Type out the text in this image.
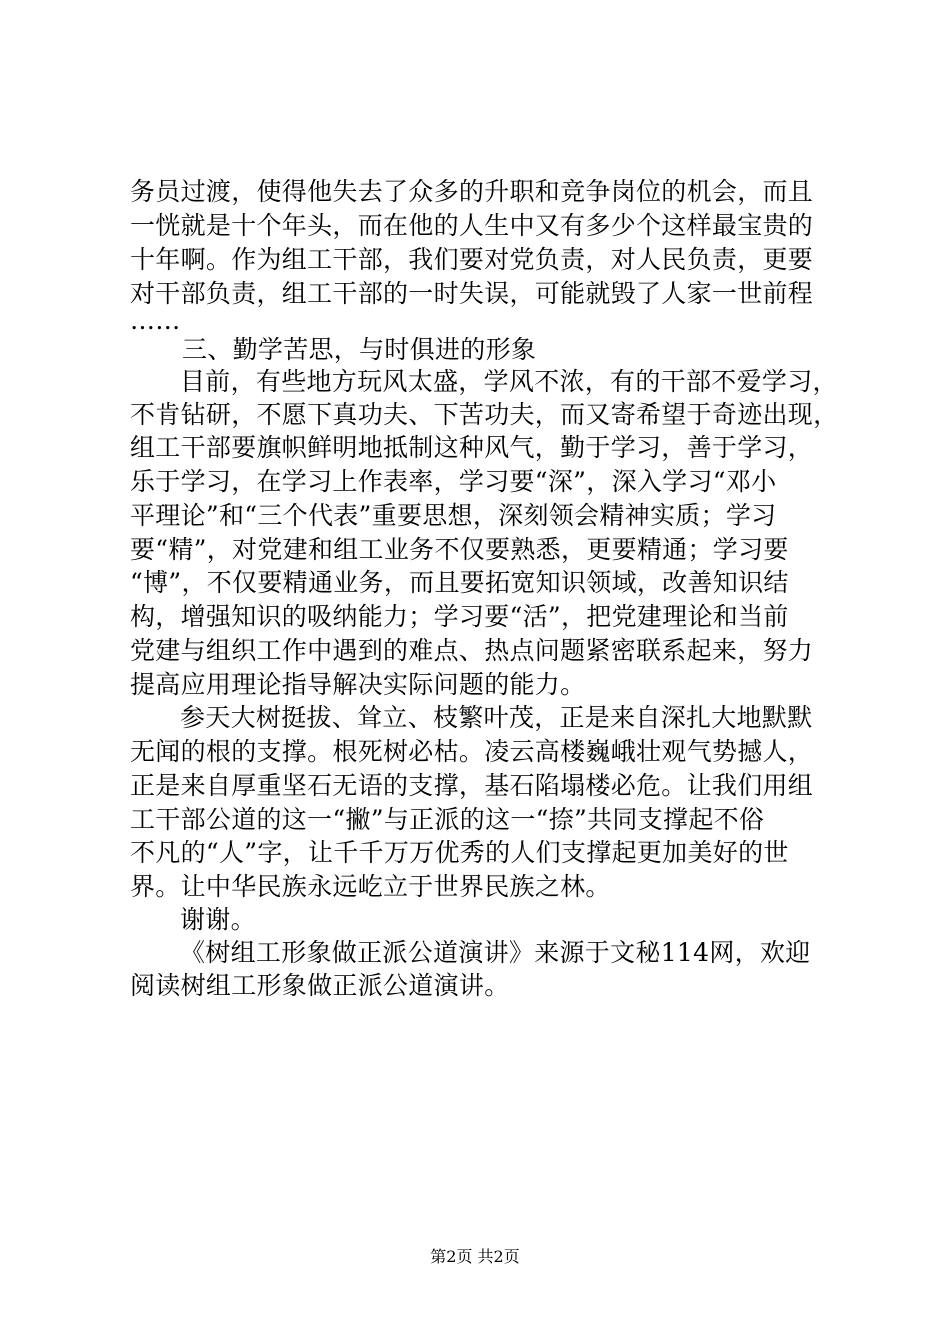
务员过渡，使得他失去了众多的升职和竞争岗位的机会，而且
一恍就是十个年头，而在他的人生中又有多少个这样最宝贵的
十年啊。作为组工干部，我们要对党负责，对人民负责，更要
对干部负责，组工干部的一时失误，可能就毁了人家一世前程
……
三、勤学苦思，与时俱进的形象
目前，有些地方玩风太盛，学风不浓，有的干部不爱学习，
不肯钻研，不愿下真功夫、下苦功夫，而又寄希望于奇迹出现，
组工干部要旗帜鲜明地抵制这种风气，勤于学习，善于学习，
乐于学习，在学习上作表率，学习要“深”，深入学习“邓小
平理论”和“三个代表”重要思想，深刻领会精神实质；学习
要“精”，对党建和组工业务不仅要熟悉，更要精通；学习要
“博”，不仅要精通业务，而且要拓宽知识领域，改善知识结
构，增强知识的吸纳能力；学习要“活”，把党建理论和当前
党建与组织工作中遇到的难点、热点问题紧密联系起来，努力
提高应用理论指导解决实际问题的能力。
参天大树挺拔、耸立、枝繁叶茂，正是来自深扎大地默默
无闻的根的支撑。根死树必枯。凌云高楼巍峨壮观气势撼人，
正是来自厚重坚石无语的支撑，基石陷塌楼必危。让我们用组
工干部公道的这一“撇”与正派的这一“捺”共同支撑起不俗
不凡的“人”字，让千千万万优秀的人们支撑起更加美好的世
界。让中华民族永远屹立于世界民族之林。
谢谢。
《树组工形象做正派公道演讲》来源于文秘114网，欢迎
阅读树组工形象做正派公道演讲。
第2页 共2页
